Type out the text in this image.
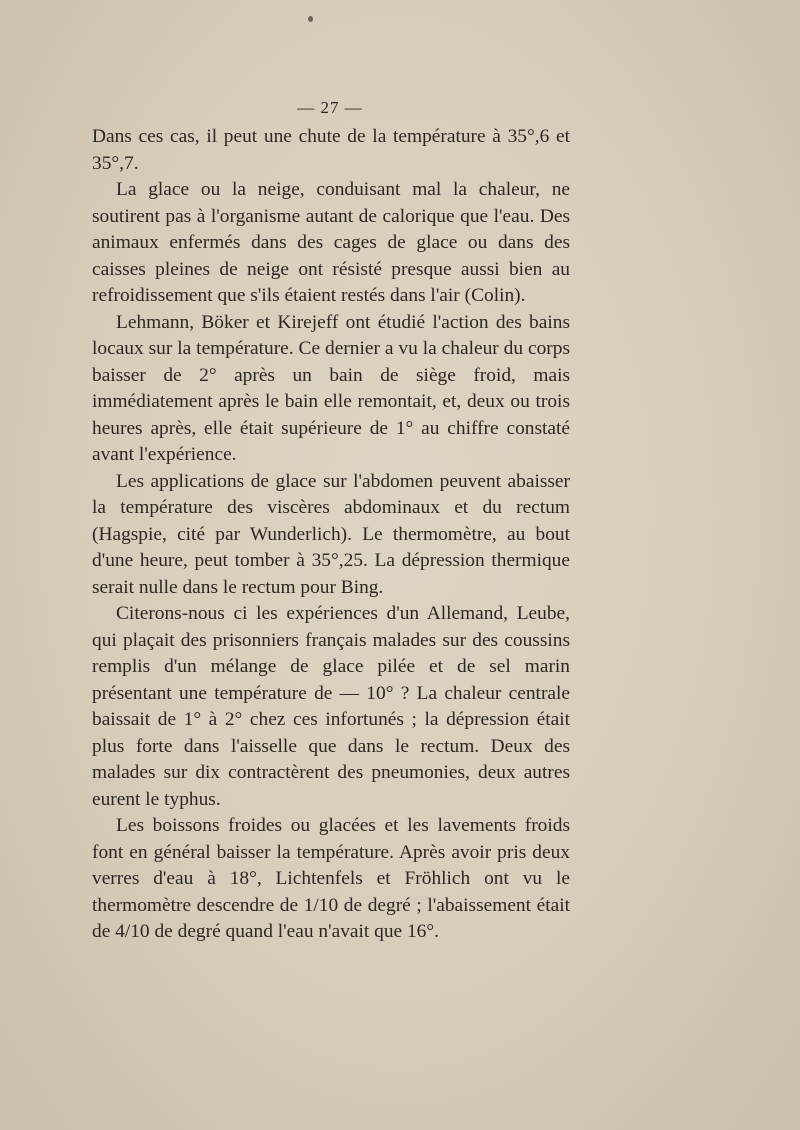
— 27 —

Dans ces cas, il peut une chute de la température à 35°,6 et 35°,7.

La glace ou la neige, conduisant mal la chaleur, ne soutirent pas à l'organisme autant de calorique que l'eau. Des animaux enfermés dans des cages de glace ou dans des caisses pleines de neige ont résisté presque aussi bien au refroidissement que s'ils étaient restés dans l'air (Colin).

Lehmann, Böker et Kirejeff ont étudié l'action des bains locaux sur la température. Ce dernier a vu la chaleur du corps baisser de 2° après un bain de siège froid, mais immédiatement après le bain elle remontait, et, deux ou trois heures après, elle était supérieure de 1° au chiffre constaté avant l'expérience.

Les applications de glace sur l'abdomen peuvent abaisser la température des viscères abdominaux et du rectum (Hagspie, cité par Wunderlich). Le thermomètre, au bout d'une heure, peut tomber à 35°,25. La dépression thermique serait nulle dans le rectum pour Bing.

Citerons-nous ci les expériences d'un Allemand, Leube, qui plaçait des prisonniers français malades sur des coussins remplis d'un mélange de glace pilée et de sel marin présentant une température de — 10° ? La chaleur centrale baissait de 1° à 2° chez ces infortunés ; la dépression était plus forte dans l'aisselle que dans le rectum. Deux des malades sur dix contractèrent des pneumonies, deux autres eurent le typhus.

Les boissons froides ou glacées et les lavements froids font en général baisser la température. Après avoir pris deux verres d'eau à 18°, Lichtenfels et Fröhlich ont vu le thermomètre descendre de 1/10 de degré ; l'abaissement était de 4/10 de degré quand l'eau n'avait que 16°.
